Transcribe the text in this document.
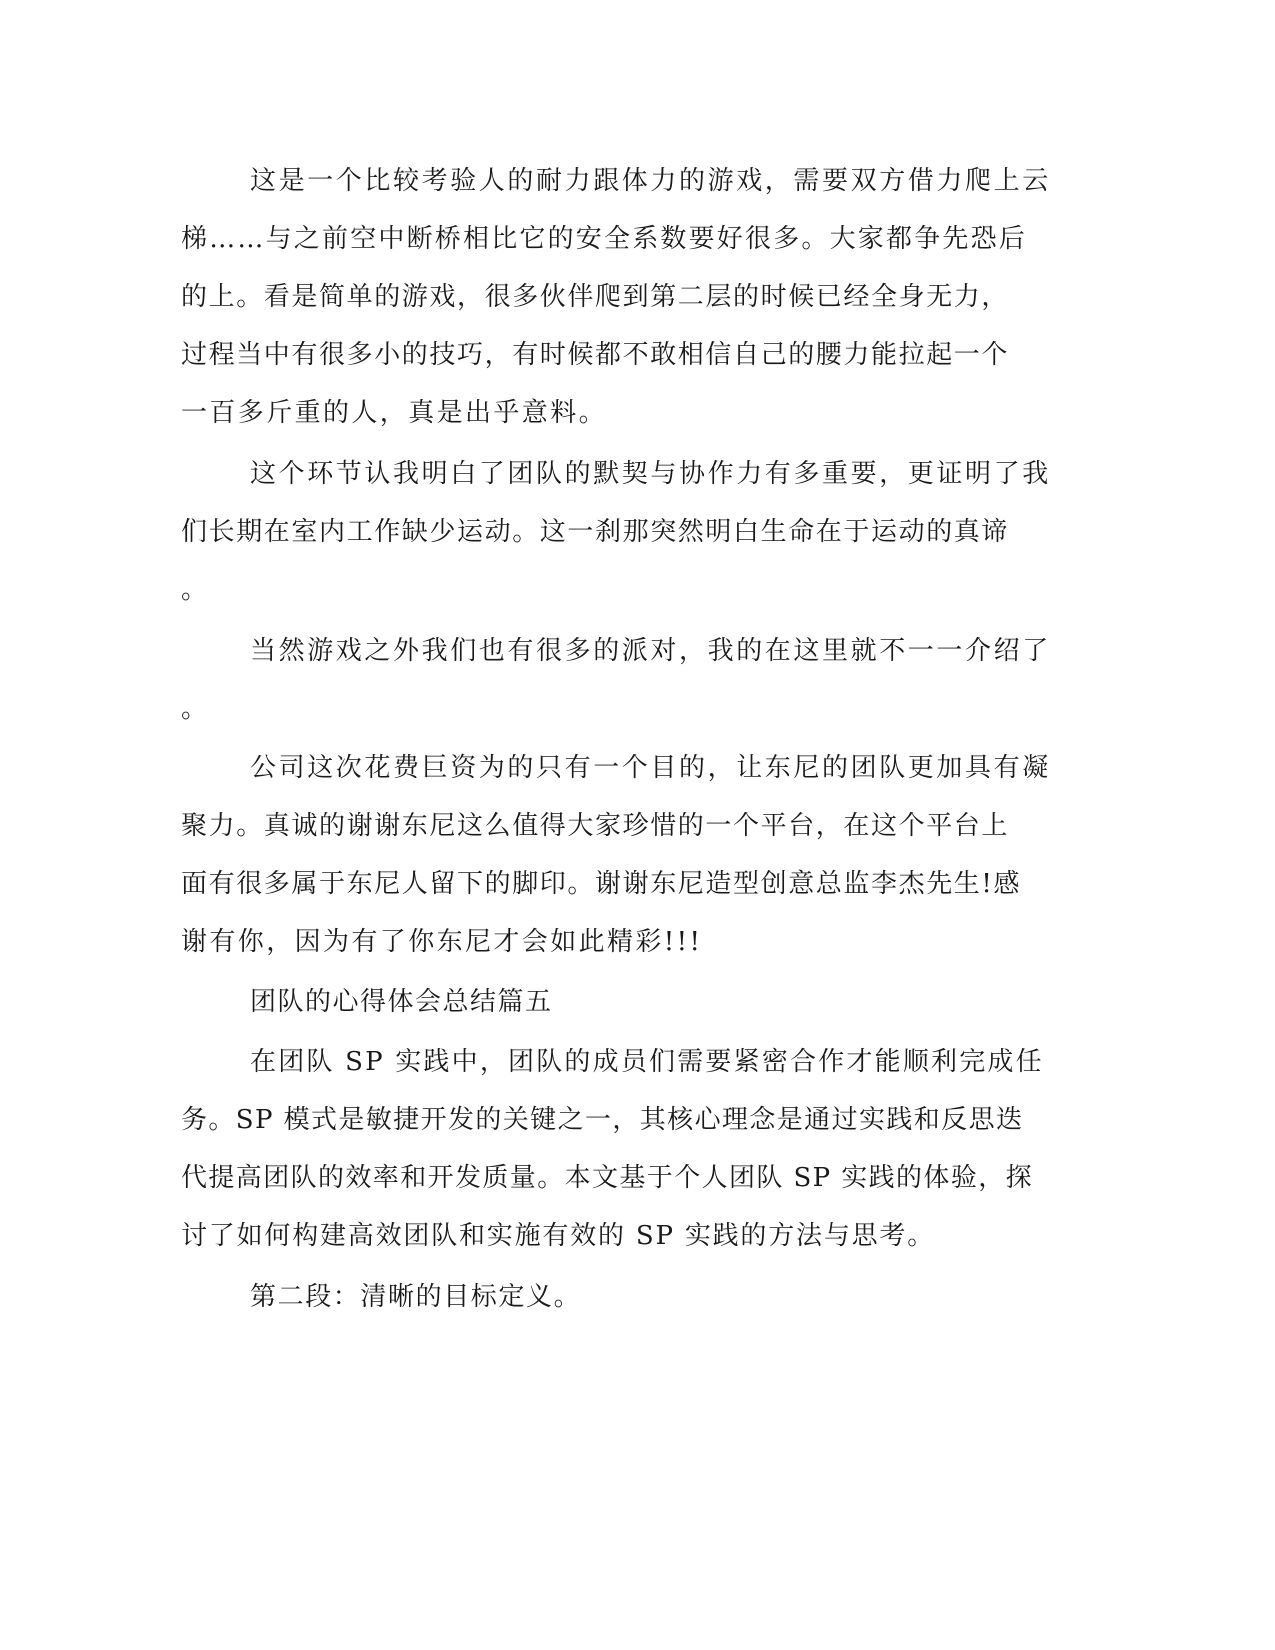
这是一个比较考验人的耐力跟体力的游戏，需要双方借力爬上云

梯……与之前空中断桥相比它的安全系数要好很多。大家都争先恐后

的上。看是简单的游戏，很多伙伴爬到第二层的时候已经全身无力，

过程当中有很多小的技巧，有时候都不敢相信自己的腰力能拉起一个

一百多斤重的人，真是出乎意料。

这个环节认我明白了团队的默契与协作力有多重要，更证明了我

们长期在室内工作缺少运动。这一刹那突然明白生命在于运动的真谛

。

当然游戏之外我们也有很多的派对，我的在这里就不一一介绍了

。

公司这次花费巨资为的只有一个目的，让东尼的团队更加具有凝

聚力。真诚的谢谢东尼这么值得大家珍惜的一个平台，在这个平台上

面有很多属于东尼人留下的脚印。谢谢东尼造型创意总监李杰先生!感

谢有你，因为有了你东尼才会如此精彩!!!

团队的心得体会总结篇五

在团队 SP 实践中，团队的成员们需要紧密合作才能顺利完成任

务。SP 模式是敏捷开发的关键之一，其核心理念是通过实践和反思迭

代提高团队的效率和开发质量。本文基于个人团队 SP 实践的体验，探

讨了如何构建高效团队和实施有效的 SP 实践的方法与思考。

第二段：清晰的目标定义。
